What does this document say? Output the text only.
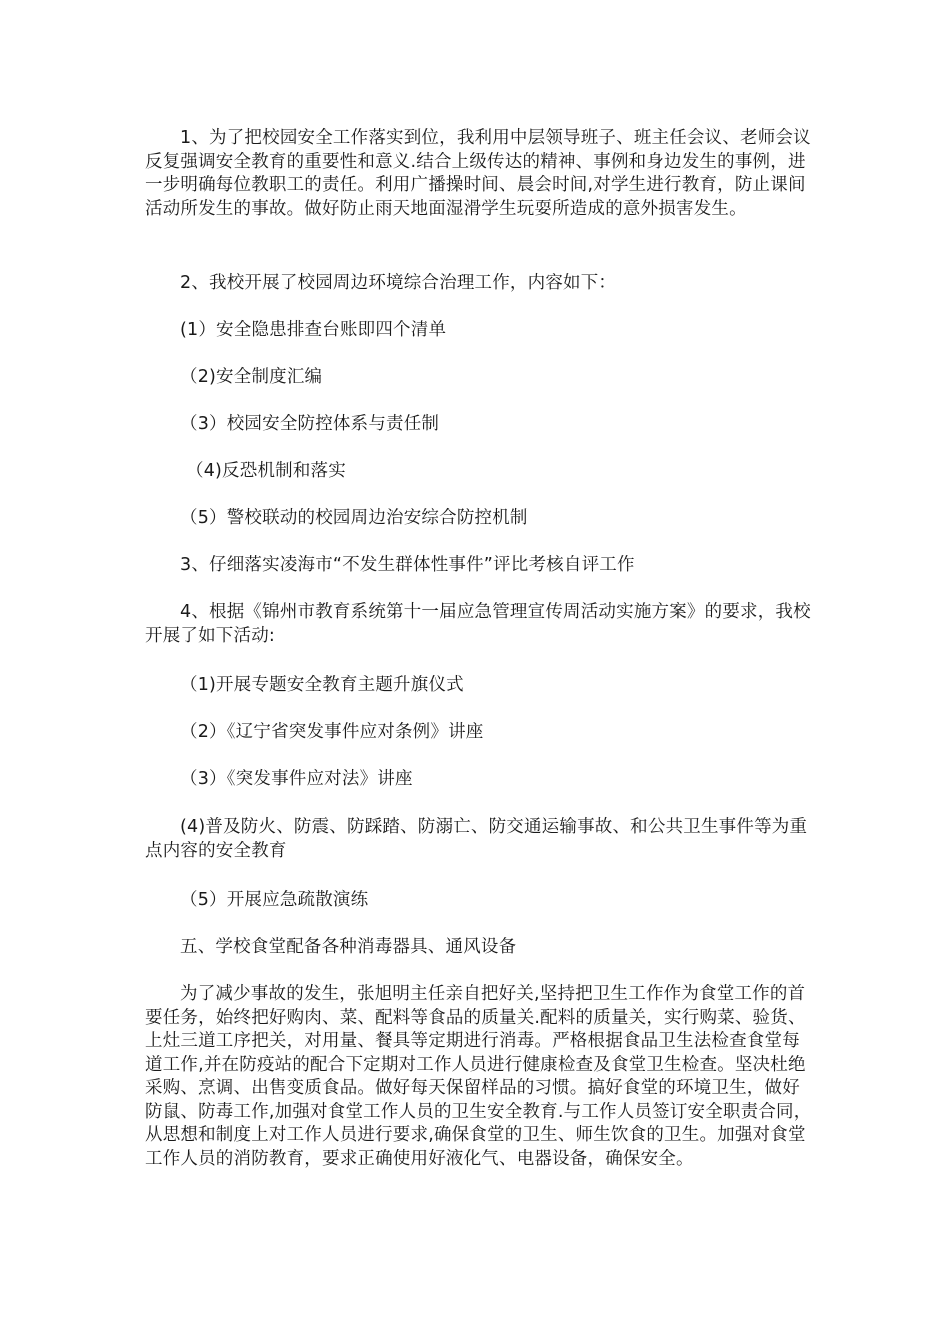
1、为了把校园安全工作落实到位，我利用中层领导班子、班主任会议、老师会议反复强调安全教育的重要性和意义.结合上级传达的精神、事例和身边发生的事例，进一步明确每位教职工的责任。利用广播操时间、晨会时间,对学生进行教育，防止课间活动所发生的事故。做好防止雨天地面湿滑学生玩耍所造成的意外损害发生。

2、我校开展了校园周边环境综合治理工作，内容如下：

(1）安全隐患排查台账即四个清单

（2)安全制度汇编

（3）校园安全防控体系与责任制

（4)反恐机制和落实

（5）警校联动的校园周边治安综合防控机制

3、仔细落实凌海市“不发生群体性事件”评比考核自评工作

4、根据《锦州市教育系统第十一届应急管理宣传周活动实施方案》的要求，我校开展了如下活动:

（1)开展专题安全教育主题升旗仪式

（2）《辽宁省突发事件应对条例》讲座

（3）《突发事件应对法》讲座

(4)普及防火、防震、防踩踏、防溺亡、防交通运输事故、和公共卫生事件等为重点内容的安全教育

（5）开展应急疏散演练

五、学校食堂配备各种消毒器具、通风设备

为了减少事故的发生，张旭明主任亲自把好关,坚持把卫生工作作为食堂工作的首要任务，始终把好购肉、菜、配料等食品的质量关.配料的质量关，实行购菜、验货、上灶三道工序把关，对用量、餐具等定期进行消毒。严格根据食品卫生法检查食堂每道工作,并在防疫站的配合下定期对工作人员进行健康检查及食堂卫生检查。坚决杜绝采购、烹调、出售变质食品。做好每天保留样品的习惯。搞好食堂的环境卫生，做好防鼠、防毒工作,加强对食堂工作人员的卫生安全教育.与工作人员签订安全职责合同，从思想和制度上对工作人员进行要求,确保食堂的卫生、师生饮食的卫生。加强对食堂工作人员的消防教育，要求正确使用好液化气、电器设备，确保安全。
